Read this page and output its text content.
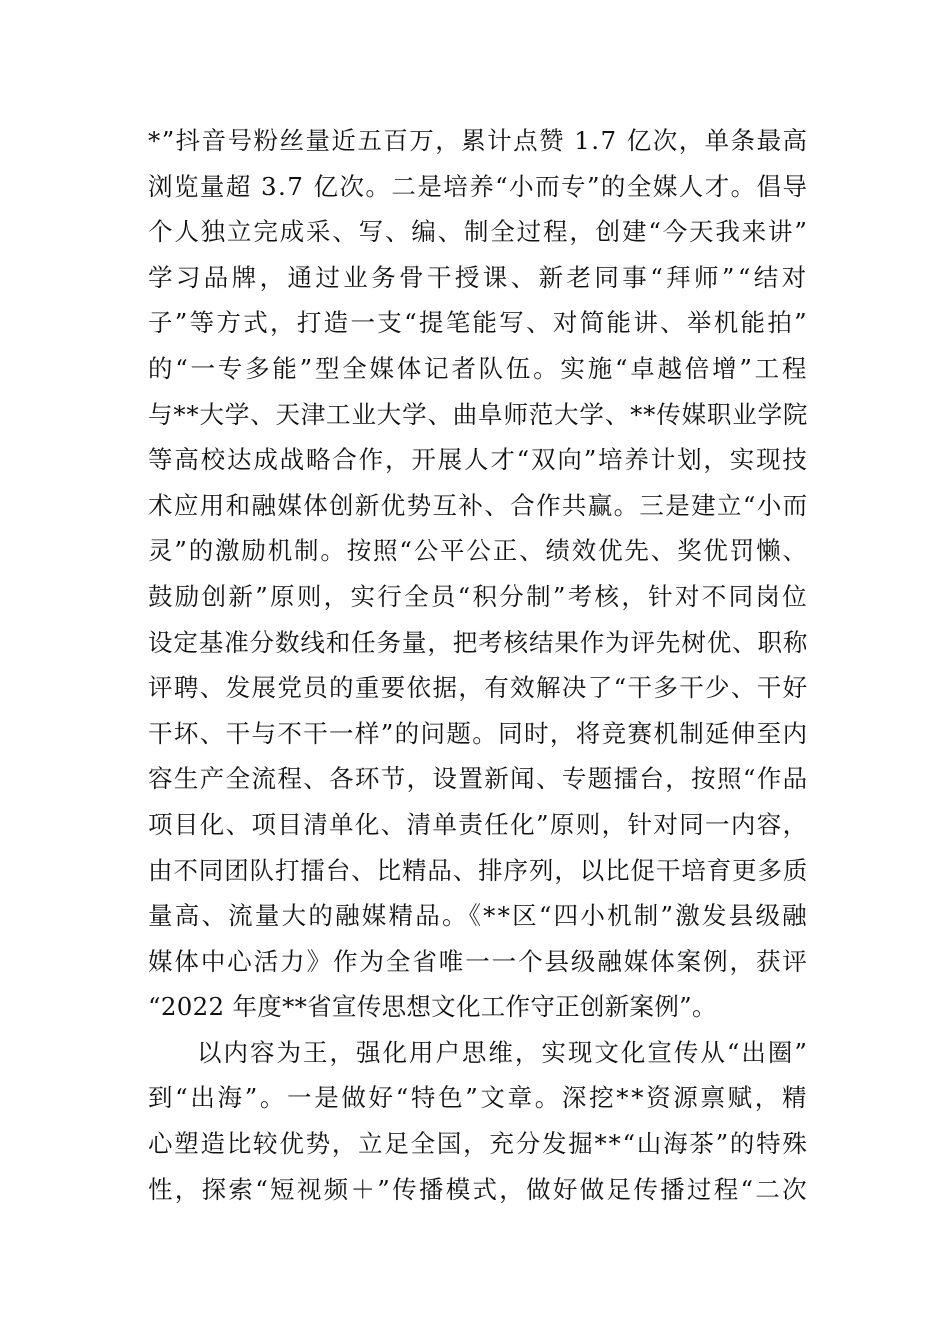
*”抖音号粉丝量近五百万，累计点赞 1.7 亿次，单条最高
浏览量超 3.7 亿次。二是培养“小而专”的全媒人才。倡导
个人独立完成采、写、编、制全过程，创建“今天我来讲”
学习品牌，通过业务骨干授课、新老同事“拜师”“结对
子”等方式，打造一支“提笔能写、对简能讲、举机能拍”
的“一专多能”型全媒体记者队伍。实施“卓越倍增”工程
与**大学、天津工业大学、曲阜师范大学、**传媒职业学院
等高校达成战略合作，开展人才“双向”培养计划，实现技
术应用和融媒体创新优势互补、合作共赢。三是建立“小而
灵”的激励机制。按照“公平公正、绩效优先、奖优罚懒、
鼓励创新”原则，实行全员“积分制”考核，针对不同岗位
设定基准分数线和任务量，把考核结果作为评先树优、职称
评聘、发展党员的重要依据，有效解决了“干多干少、干好
干坏、干与不干一样”的问题。同时，将竞赛机制延伸至内
容生产全流程、各环节，设置新闻、专题擂台，按照“作品
项目化、项目清单化、清单责任化”原则，针对同一内容，
由不同团队打擂台、比精品、排序列，以比促干培育更多质
量高、流量大的融媒精品。《**区“四小机制”激发县级融
媒体中心活力》作为全省唯一一个县级融媒体案例，获评
“2022 年度**省宣传思想文化工作守正创新案例”。
以内容为王，强化用户思维，实现文化宣传从“出圈”
到“出海”。一是做好“特色”文章。深挖**资源禀赋，精
心塑造比较优势，立足全国，充分发掘**“山海茶”的特殊
性，探索“短视频＋”传播模式，做好做足传播过程“二次
